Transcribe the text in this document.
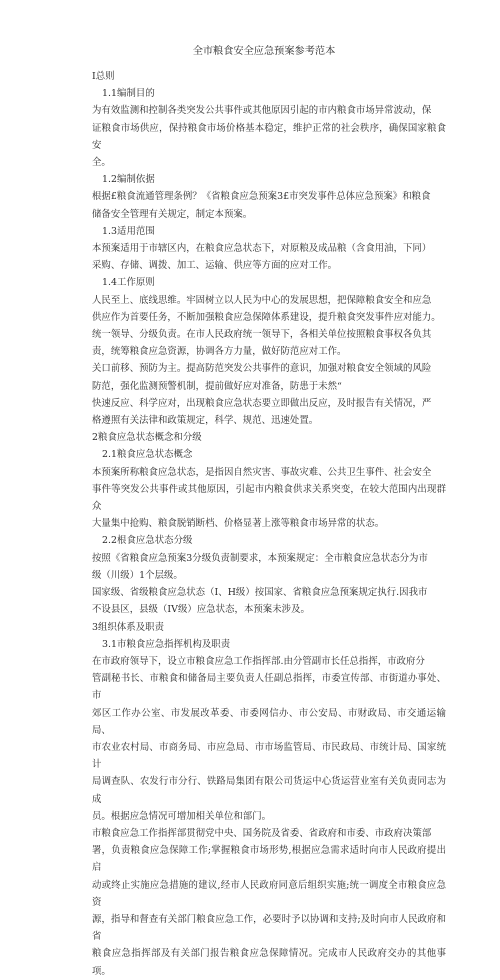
全市粮食安全应急预案参考范本
I总则
1.1编制目的
为有效监测和控制各类突发公共事件或其他原因引起的市内粮食市场异常波动，保
证粮食市场供应，保持粮食市场价格基本稳定，维护正常的社会秩序，确保国家粮食安
全。
1.2编制依据
根据£粮食流通管理条例？《省粮食应急预案3£市突发事件总体应急预案》和粮食
储备安全管理有关规定，制定本预案。
1.3适用范围
本预案适用于市辖区内，在粮食应急状态下，对原粮及成品粮（含食用油，下同）
采购、存储、调拨、加工、运输、供应等方面的应对工作。
1.4工作原则
人民至上、底线思维。牢固树立以人民为中心的发展思想，把保障粮食安全和应急
供应作为首要任务，不断加强粮食应急保障体系建设，提升粮食突发事件应对能力。
统一领导、分级负责。在市人民政府统一领导下，各相关单位按照粮食事权各负其
责，统筹粮食应急资源，协调各方力量，做好防范应对工作。
关口前移、预防为主。提高防范突发公共事件的意识，加强对粮食安全领域的风险
防范，强化监测预警机制，提前做好应对准备，防患于未然“
快速反应、科学应对，出现粮食应急状态要立即做出反应，及时报告有关情况，严
格遵照有关法律和政策规定，科学、规范、迅速处置。
2粮食应急状态概念和分级
2.1粮食应急状态概念
本预案所称粮食应急状态，是指因自然灾害、事故灾难、公共卫生事件、社会安全
事件等突发公共事件或其他原因，引起市内粮食供求关系突变，在较大范围内出现群众
大量集中抢购、粮食脱销断档、价格显著上涨等粮食市场异常的状态。
2.2根食应急状态分级
按照《省粮食应急预案3分级负责制要求，本预案规定：全市粮食应急状态分为市
级（川级）1个层级。
国家级、省级粮食应急状态（I、H级）按国家、省粮食应急预案规定执行.因我市
不设县区，县级（IV级）应急状态，本预案未涉及。
3组织体系及职责
3.1市粮食应急指挥机构及职责
在市政府领导下，设立市粮食应急工作指挥部.由分管副市长任总指挥，市政府分
管副秘书长、市粮食和储备局主要负责人任副总指挥，市委宣传部、市街道办事处、市
郊区工作办公室、市发展改革委、市委网信办、市公安局、市财政局、市交通运输局、
市农业农村局、市商务局、市应急局、市市场监管局、市民政局、市统计局、国家统计
局调查队、农发行市分行、铁路局集团有限公司货运中心货运营业室有关负责同志为成
员。根据应急情况可增加相关单位和部门。
市粮食应急工作指挥部贯彻党中央、国务院及省委、省政府和市委、市政府决策部
署，负责粮食应急保障工作;掌握粮食市场形势,根据应急需求适时向市人民政府提出启
动或终止实施应急措施的建议,经市人民政府同意后组织实施;统一调度全市粮食应急资
源，指导和督查有关部门粮食应急工作，必要时予以协调和支持;及时向市人民政府和省
粮食应急指挥部及有关部门报告粮食应急保障情况。完成市人民政府交办的其他事项。
